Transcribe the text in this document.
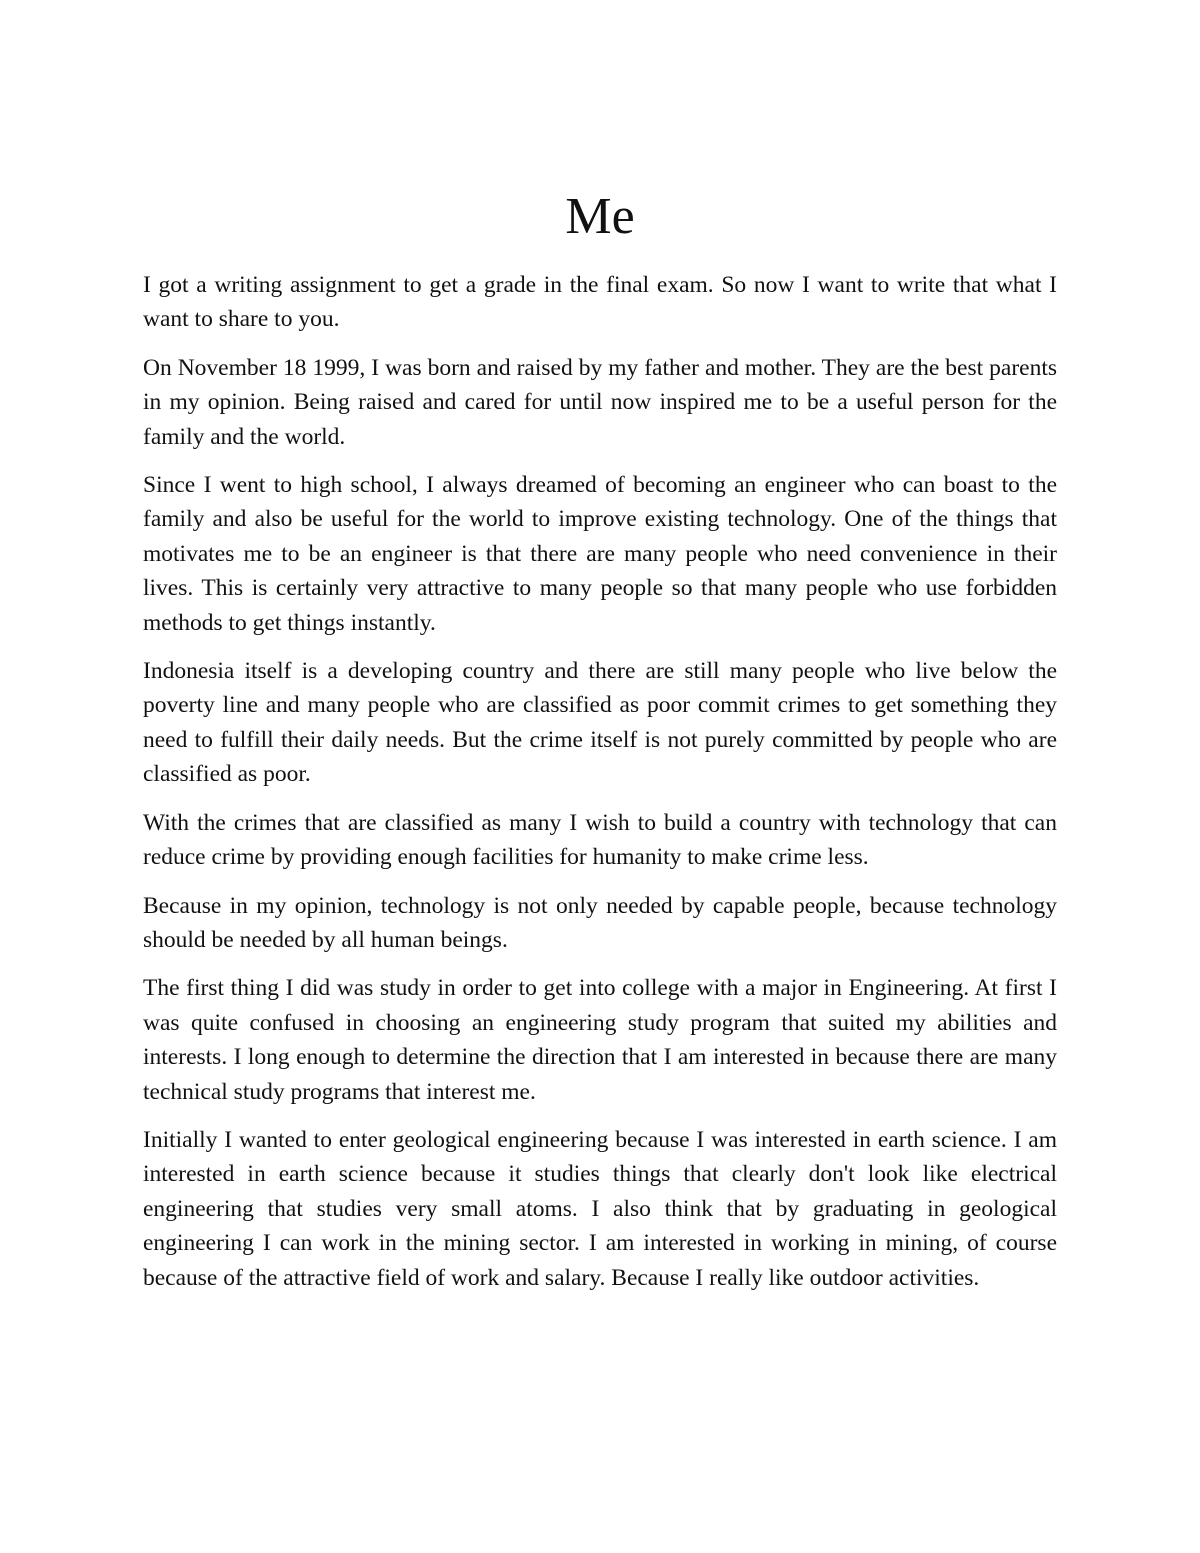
Me

I got a writing assignment to get a grade in the final exam. So now I want to write that what I want to share to you.

On November 18 1999, I was born and raised by my father and mother. They are the best parents in my opinion. Being raised and cared for until now inspired me to be a useful person for the family and the world.

Since I went to high school, I always dreamed of becoming an engineer who can boast to the family and also be useful for the world to improve existing technology. One of the things that motivates me to be an engineer is that there are many people who need convenience in their lives. This is certainly very attractive to many people so that many people who use forbidden methods to get things instantly.

Indonesia itself is a developing country and there are still many people who live below the poverty line and many people who are classified as poor commit crimes to get something they need to fulfill their daily needs. But the crime itself is not purely committed by people who are classified as poor.

With the crimes that are classified as many I wish to build a country with technology that can reduce crime by providing enough facilities for humanity to make crime less.

Because in my opinion, technology is not only needed by capable people, because technology should be needed by all human beings.

The first thing I did was study in order to get into college with a major in Engineering. At first I was quite confused in choosing an engineering study program that suited my abilities and interests. I long enough to determine the direction that I am interested in because there are many technical study programs that interest me.

Initially I wanted to enter geological engineering because I was interested in earth science. I am interested in earth science because it studies things that clearly don't look like electrical engineering that studies very small atoms. I also think that by graduating in geological engineering I can work in the mining sector. I am interested in working in mining, of course because of the attractive field of work and salary. Because I really like outdoor activities.
